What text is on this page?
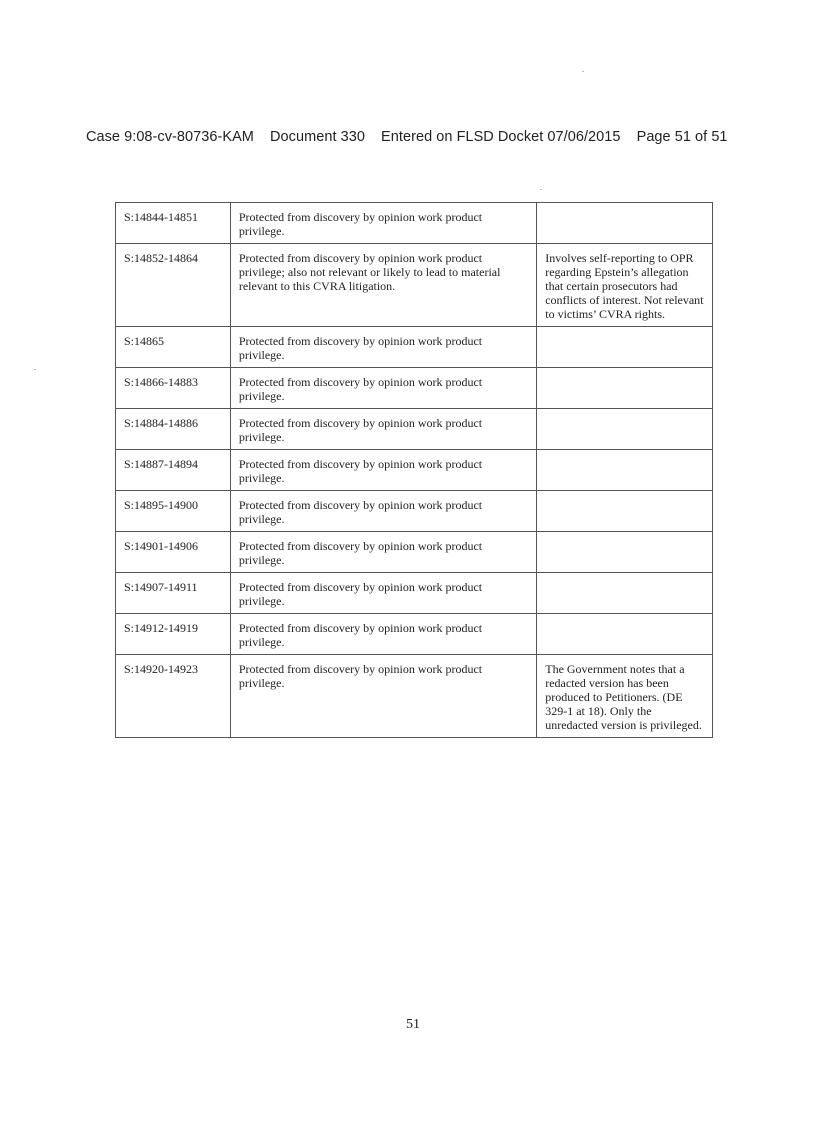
Case 9:08-cv-80736-KAM Document 330 Entered on FLSD Docket 07/06/2015 Page 51 of 51
S:14844-14851	Protected from discovery by opinion work product privilege.	
S:14852-14864	Protected from discovery by opinion work product privilege; also not relevant or likely to lead to material relevant to this CVRA litigation.	Involves self-reporting to OPR regarding Epstein’s allegation that certain prosecutors had conflicts of interest. Not relevant to victims’ CVRA rights.
S:14865	Protected from discovery by opinion work product privilege.	
S:14866-14883	Protected from discovery by opinion work product privilege.	
S:14884-14886	Protected from discovery by opinion work product privilege.	
S:14887-14894	Protected from discovery by opinion work product privilege.	
S:14895-14900	Protected from discovery by opinion work product privilege.	
S:14901-14906	Protected from discovery by opinion work product privilege.	
S:14907-14911	Protected from discovery by opinion work product privilege.	
S:14912-14919	Protected from discovery by opinion work product privilege.	
S:14920-14923	Protected from discovery by opinion work product privilege.	The Government notes that a redacted version has been produced to Petitioners. (DE 329-1 at 18). Only the unredacted version is privileged.
51
